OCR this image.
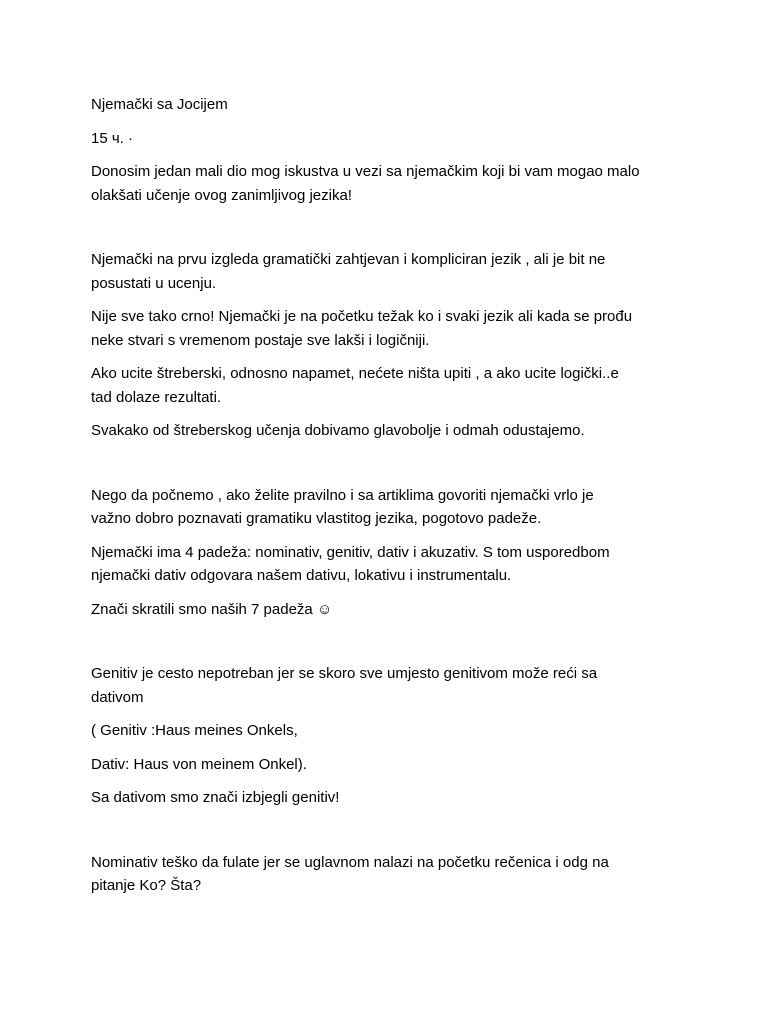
Njemački sa Jocijem

15 ч. ·

Donosim jedan mali dio mog iskustva u vezi sa njemačkim koji bi vam mogao malo
olakšati učenje ovog zanimljivog jezika!

Njemački na prvu izgleda gramatički zahtjevan i kompliciran jezik , ali je bit ne
posustati u ucenju.

Nije sve tako crno! Njemački je na početku težak ko i svaki jezik ali kada se prođu
neke stvari s vremenom postaje sve lakši i logičniji.

Ako ucite štreberski, odnosno napamet, nećete ništa upiti , a ako ucite logički..e
tad dolaze rezultati.

Svakako od štreberskog učenja dobivamo glavobolje i odmah odustajemo.

Nego da počnemo , ako želite pravilno i sa artiklima govoriti njemački vrlo je
važno dobro poznavati gramatiku vlastitog jezika, pogotovo padeže.

Njemački ima 4 padeža: nominativ, genitiv, dativ i akuzativ. S tom usporedbom
njemački dativ odgovara našem dativu, lokativu i instrumentalu.

Znači skratili smo naših 7 padeža ☺

Genitiv je cesto nepotreban jer se skoro sve umjesto genitivom može reći sa
dativom

( Genitiv :Haus meines Onkels,

Dativ: Haus von meinem Onkel).

Sa dativom smo znači izbjegli genitiv!

Nominativ teško da fulate jer se uglavnom nalazi na početku rečenica i odg na
pitanje Ko? Šta?
